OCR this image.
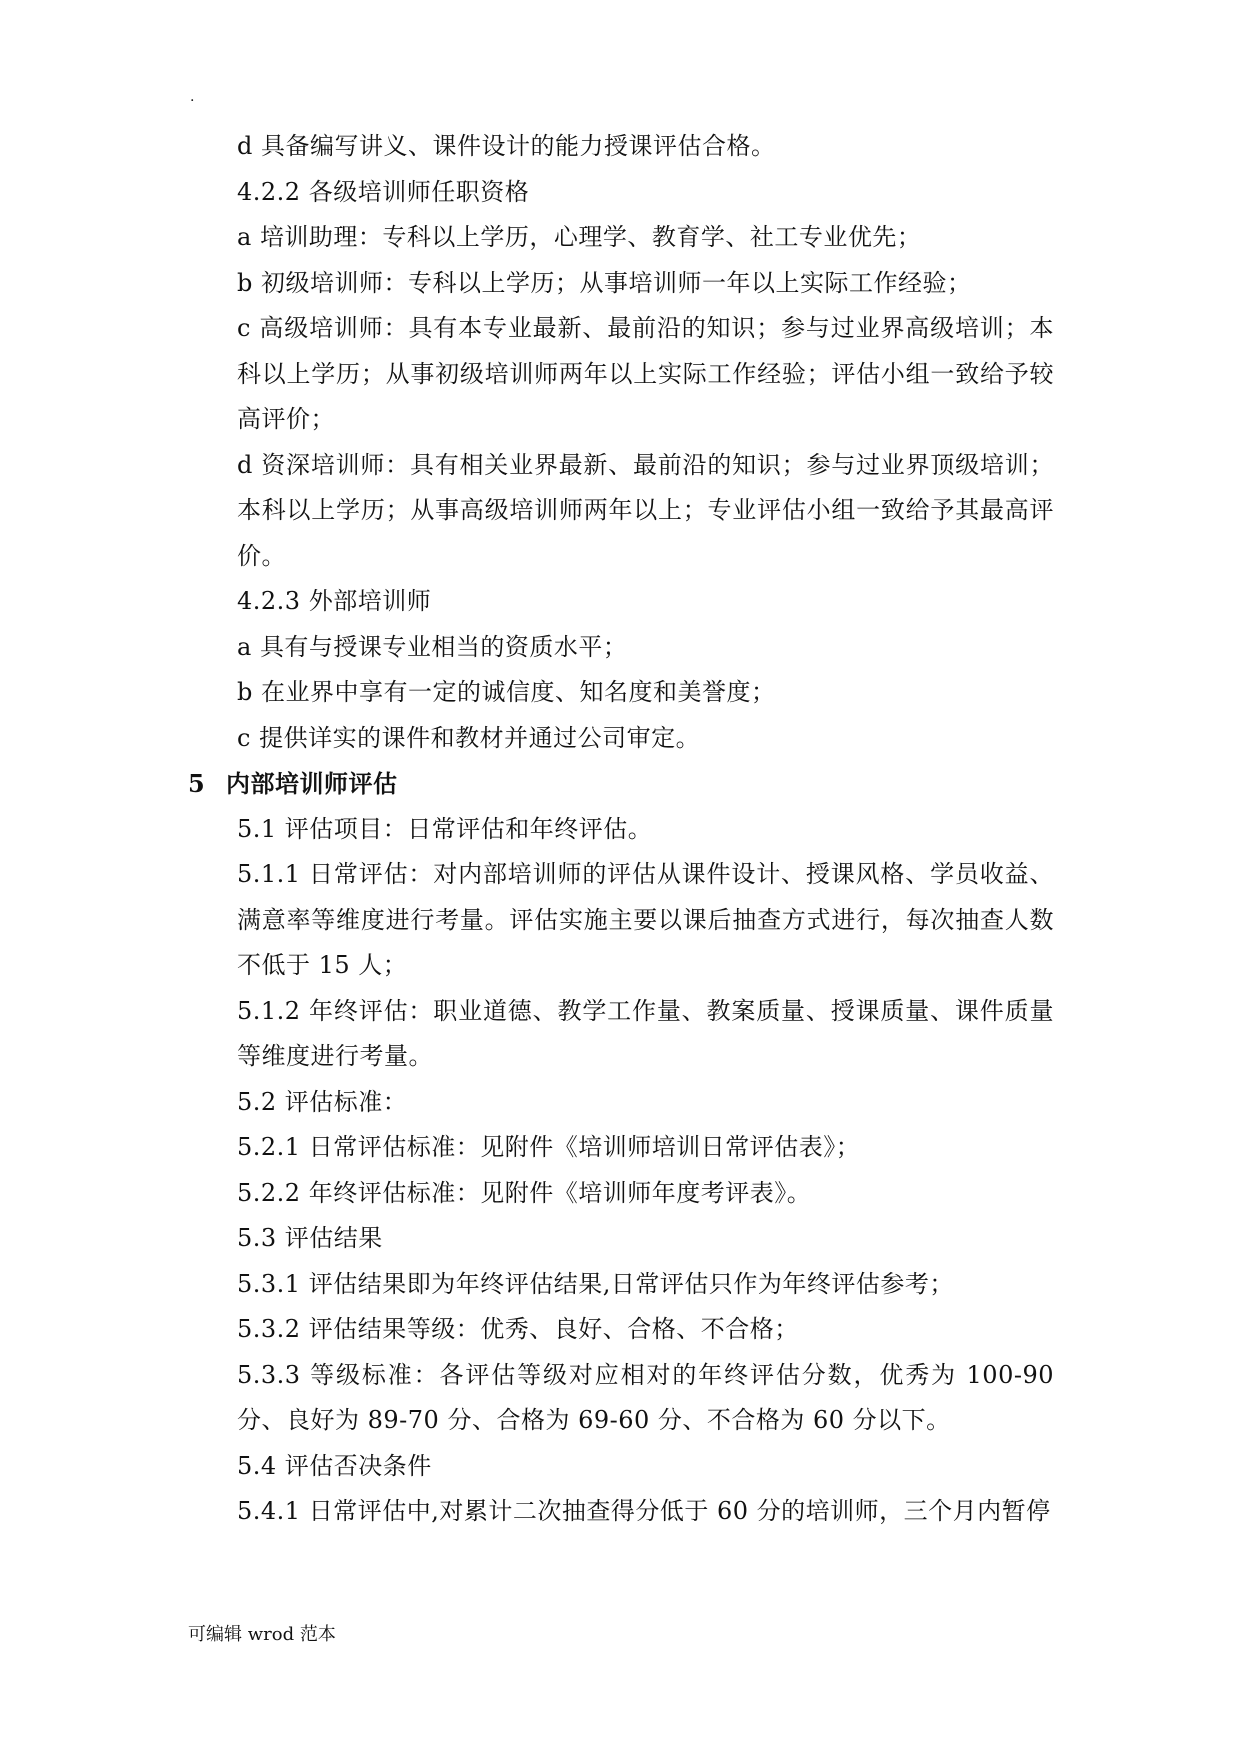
.

d 具备编写讲义、课件设计的能力授课评估合格。

4.2.2 各级培训师任职资格

a 培训助理：专科以上学历，心理学、教育学、社工专业优先；

b 初级培训师：专科以上学历；从事培训师一年以上实际工作经验；

c 高级培训师：具有本专业最新、最前沿的知识；参与过业界高级培训；本科以上学历；从事初级培训师两年以上实际工作经验；评估小组一致给予较高评价；

d 资深培训师：具有相关业界最新、最前沿的知识；参与过业界顶级培训；本科以上学历；从事高级培训师两年以上；专业评估小组一致给予其最高评价。

4.2.3 外部培训师

a 具有与授课专业相当的资质水平；

b 在业界中享有一定的诚信度、知名度和美誉度；

c 提供详实的课件和教材并通过公司审定。

5 内部培训师评估

5.1 评估项目：日常评估和年终评估。

5.1.1 日常评估：对内部培训师的评估从课件设计、授课风格、学员收益、满意率等维度进行考量。评估实施主要以课后抽查方式进行，每次抽查人数不低于 15 人；

5.1.2 年终评估：职业道德、教学工作量、教案质量、授课质量、课件质量等维度进行考量。

5.2 评估标准：

5.2.1 日常评估标准：见附件《培训师培训日常评估表》；

5.2.2 年终评估标准：见附件《培训师年度考评表》。

5.3 评估结果

5.3.1 评估结果即为年终评估结果,日常评估只作为年终评估参考；

5.3.2 评估结果等级：优秀、良好、合格、不合格；

5.3.3 等级标准：各评估等级对应相对的年终评估分数，优秀为 100-90 分、良好为 89-70 分、合格为 69-60 分、不合格为 60 分以下。

5.4 评估否决条件

5.4.1 日常评估中,对累计二次抽查得分低于 60 分的培训师，三个月内暂停

可编辑 wrod 范本
